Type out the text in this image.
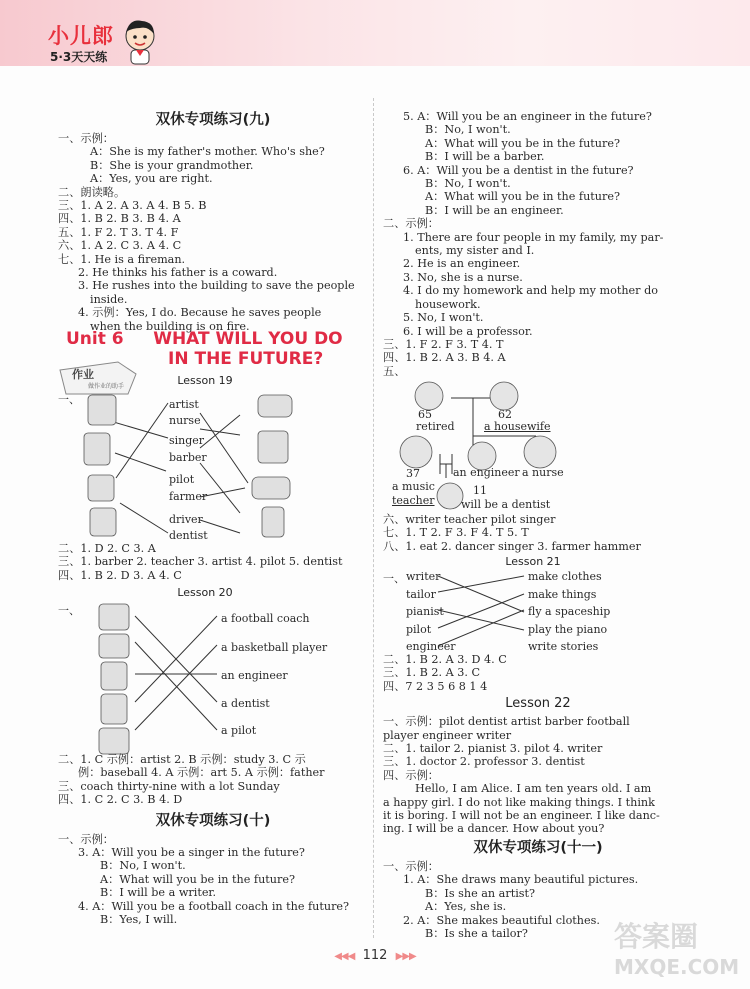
小儿郎
5·3天天练

双休专项练习(九)

一、示例：

A：She is my father's mother. Who's she?

B：She is your grandmother.

A：Yes, you are right.

二、朗读略。

三、1. A 2. A 3. A 4. B 5. B

四、1. B 2. B 3. B 4. A

五、1. F 2. T 3. T 4. F

六、1. A 2. C 3. A 4. C

七、1. He is a fireman.

2. He thinks his father is a coward.

3. He rushes into the building to save the people

inside.

4. 示例：Yes, I do. Because he saves people

when the building is on fire.

Unit 6 WHAT WILL YOU DO
IN THE FUTURE?
作业
做作业的助手	Lesson 19
一、	artist
nurse
singer
barber
pilot
farmer
driver
dentist

二、1. D 2. C 3. A

三、1. barber 2. teacher 3. artist 4. pilot 5. dentist

四、1. B 2. D 3. A 4. C

Lesson 20
一、
a football coach
a basketball player
an engineer
a dentist
a pilot

二、1. C 示例：artist 2. B 示例：study 3. C 示

例：baseball 4. A 示例：art 5. A 示例：father

三、coach thirty-nine with a lot Sunday

四、1. C 2. C 3. B 4. D

双休专项练习(十)

一、示例：

3. A：Will you be a singer in the future?

B：No, I won't.

A：What will you be in the future?

B：I will be a writer.

4. A：Will you be a football coach in the future?

B：Yes, I will.

5. A：Will you be an engineer in the future?

B：No, I won't.

A：What will you be in the future?

B：I will be a barber.

6. A：Will you be a dentist in the future?

B：No, I won't.

A：What will you be in the future?

B：I will be an engineer.

二、示例：

1. There are four people in my family, my par-

ents, my sister and I.

2. He is an engineer.

3. No, she is a nurse.

4. I do my homework and help my mother do

housework.

5. No, I won't.

6. I will be a professor.

三、1. F 2. F 3. T 4. T

四、1. B 2. A 3. B 4. A

五、

65
retired
62
a housewife
37
a music
teacher
an engineer a nurse
11
will be a dentist

六、writer teacher pilot singer

七、1. T 2. F 3. F 4. T 5. T

八、1. eat 2. dancer singer 3. farmer hammer

Lesson 21
一、 writer
tailor
pianist
pilot
engineer
make clothes
make things
fly a spaceship
play the piano
write stories

二、1. B 2. A 3. D 4. C

三、1. B 2. A 3. C

四、7 2 3 5 6 8 1 4

Lesson 22

一、示例：pilot dentist artist barber football

player engineer writer

二、1. tailor 2. pianist 3. pilot 4. writer

三、1. doctor 2. professor 3. dentist

四、示例：

Hello, I am Alice. I am ten years old. I am

a happy girl. I do not like making things. I think

it is boring. I will not be an engineer. I like danc-

ing. I will be a dancer. How about you?

双休专项练习(十一)

一、示例：

1. A：She draws many beautiful pictures.

B：Is she an artist?

A：Yes, she is.

2. A：She makes beautiful clothes.

B：Is she a tailor?

◀◀◀ 112 ▶▶▶
答案圈
MXQE.COM
